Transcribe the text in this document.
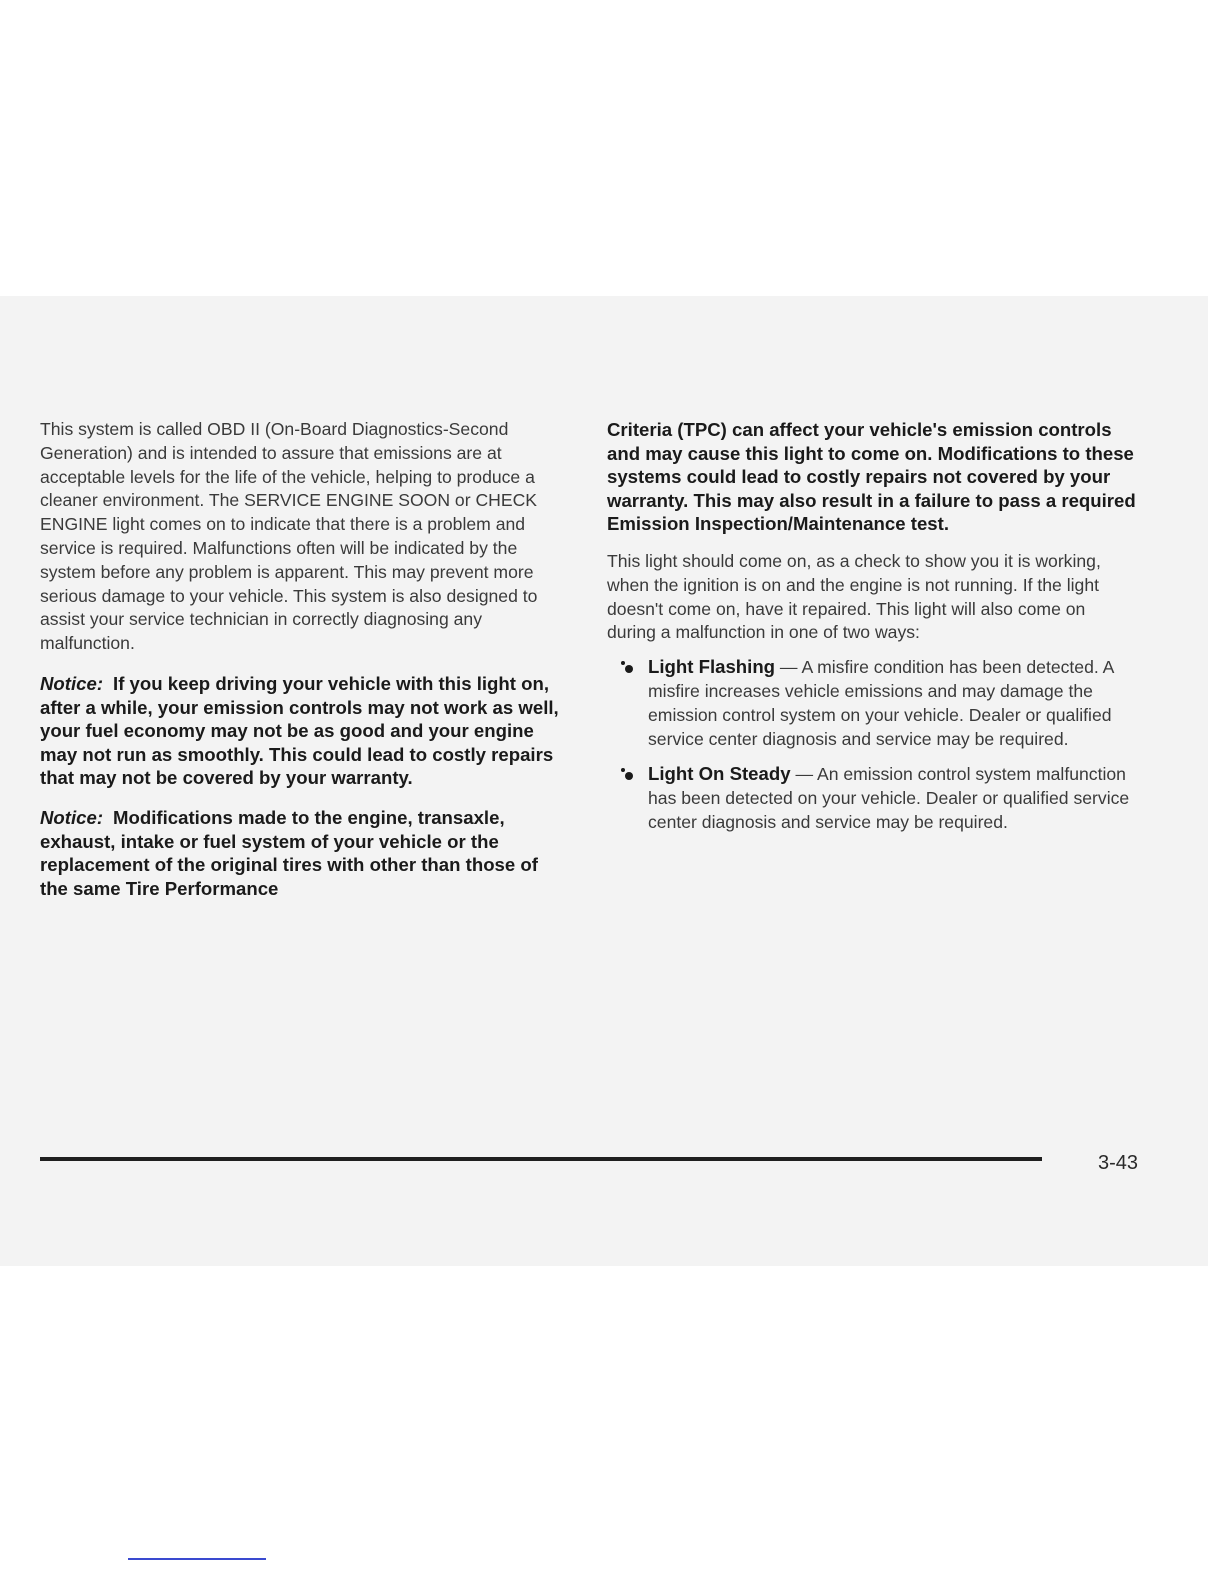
This system is called OBD II (On-Board Diagnostics-Second Generation) and is intended to assure that emissions are at acceptable levels for the life of the vehicle, helping to produce a cleaner environment. The SERVICE ENGINE SOON or CHECK ENGINE light comes on to indicate that there is a problem and service is required. Malfunctions often will be indicated by the system before any problem is apparent. This may prevent more serious damage to your vehicle. This system is also designed to assist your service technician in correctly diagnosing any malfunction.

Notice: If you keep driving your vehicle with this light on, after a while, your emission controls may not work as well, your fuel economy may not be as good and your engine may not run as smoothly. This could lead to costly repairs that may not be covered by your warranty.

Notice: Modifications made to the engine, transaxle, exhaust, intake or fuel system of your vehicle or the replacement of the original tires with other than those of the same Tire Performance

Criteria (TPC) can affect your vehicle's emission controls and may cause this light to come on. Modifications to these systems could lead to costly repairs not covered by your warranty. This may also result in a failure to pass a required Emission Inspection/Maintenance test.

This light should come on, as a check to show you it is working, when the ignition is on and the engine is not running. If the light doesn't come on, have it repaired. This light will also come on during a malfunction in one of two ways:

Light Flashing — A misfire condition has been detected. A misfire increases vehicle emissions and may damage the emission control system on your vehicle. Dealer or qualified service center diagnosis and service may be required.
Light On Steady — An emission control system malfunction has been detected on your vehicle. Dealer or qualified service center diagnosis and service may be required.
3-43
